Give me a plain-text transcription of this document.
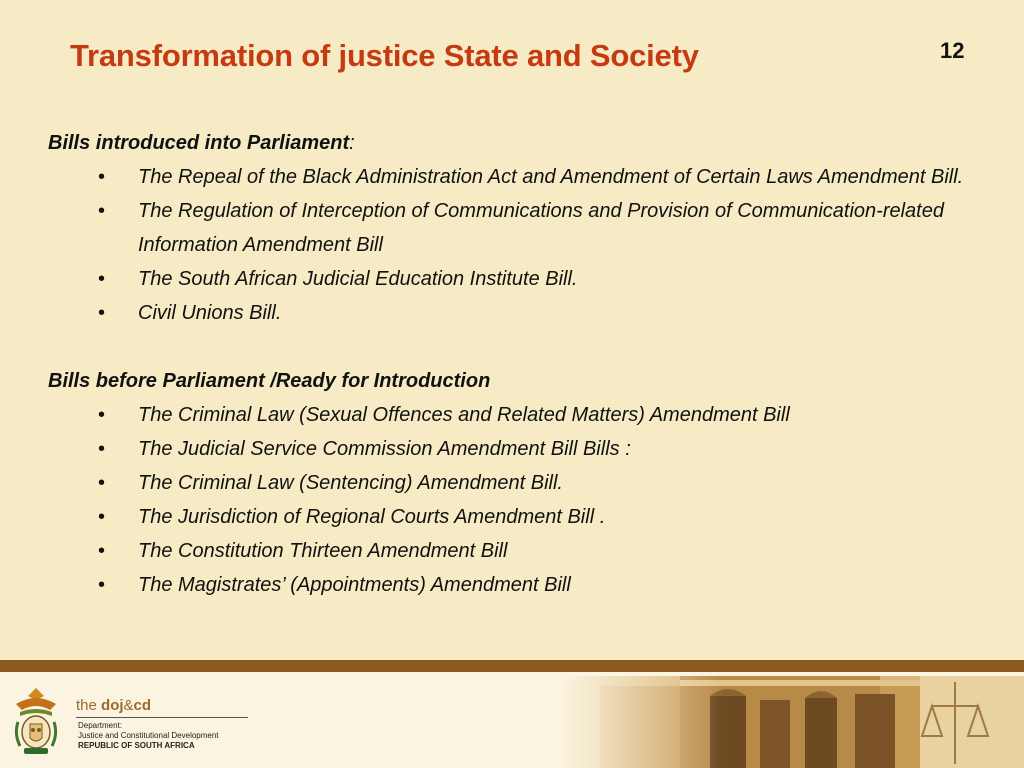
Transformation of justice State and Society	12
Bills introduced into Parliament:
• The Repeal of the Black Administration Act and Amendment of Certain Laws Amendment Bill.
• The Regulation of Interception of Communications and Provision of Communication-related Information Amendment Bill
• The South African Judicial Education Institute Bill.
• Civil Unions Bill.
Bills before Parliament /Ready for Introduction
• The Criminal Law (Sexual Offences and Related Matters) Amendment Bill
• The Judicial Service Commission Amendment Bill Bills :
• The Criminal Law (Sentencing) Amendment Bill.
• The Jurisdiction of Regional Courts Amendment Bill .
• The Constitution Thirteen Amendment Bill
• The Magistrates’ (Appointments) Amendment Bill
the doj&cd
Department:
Justice and Constitutional Development
REPUBLIC OF SOUTH AFRICA
